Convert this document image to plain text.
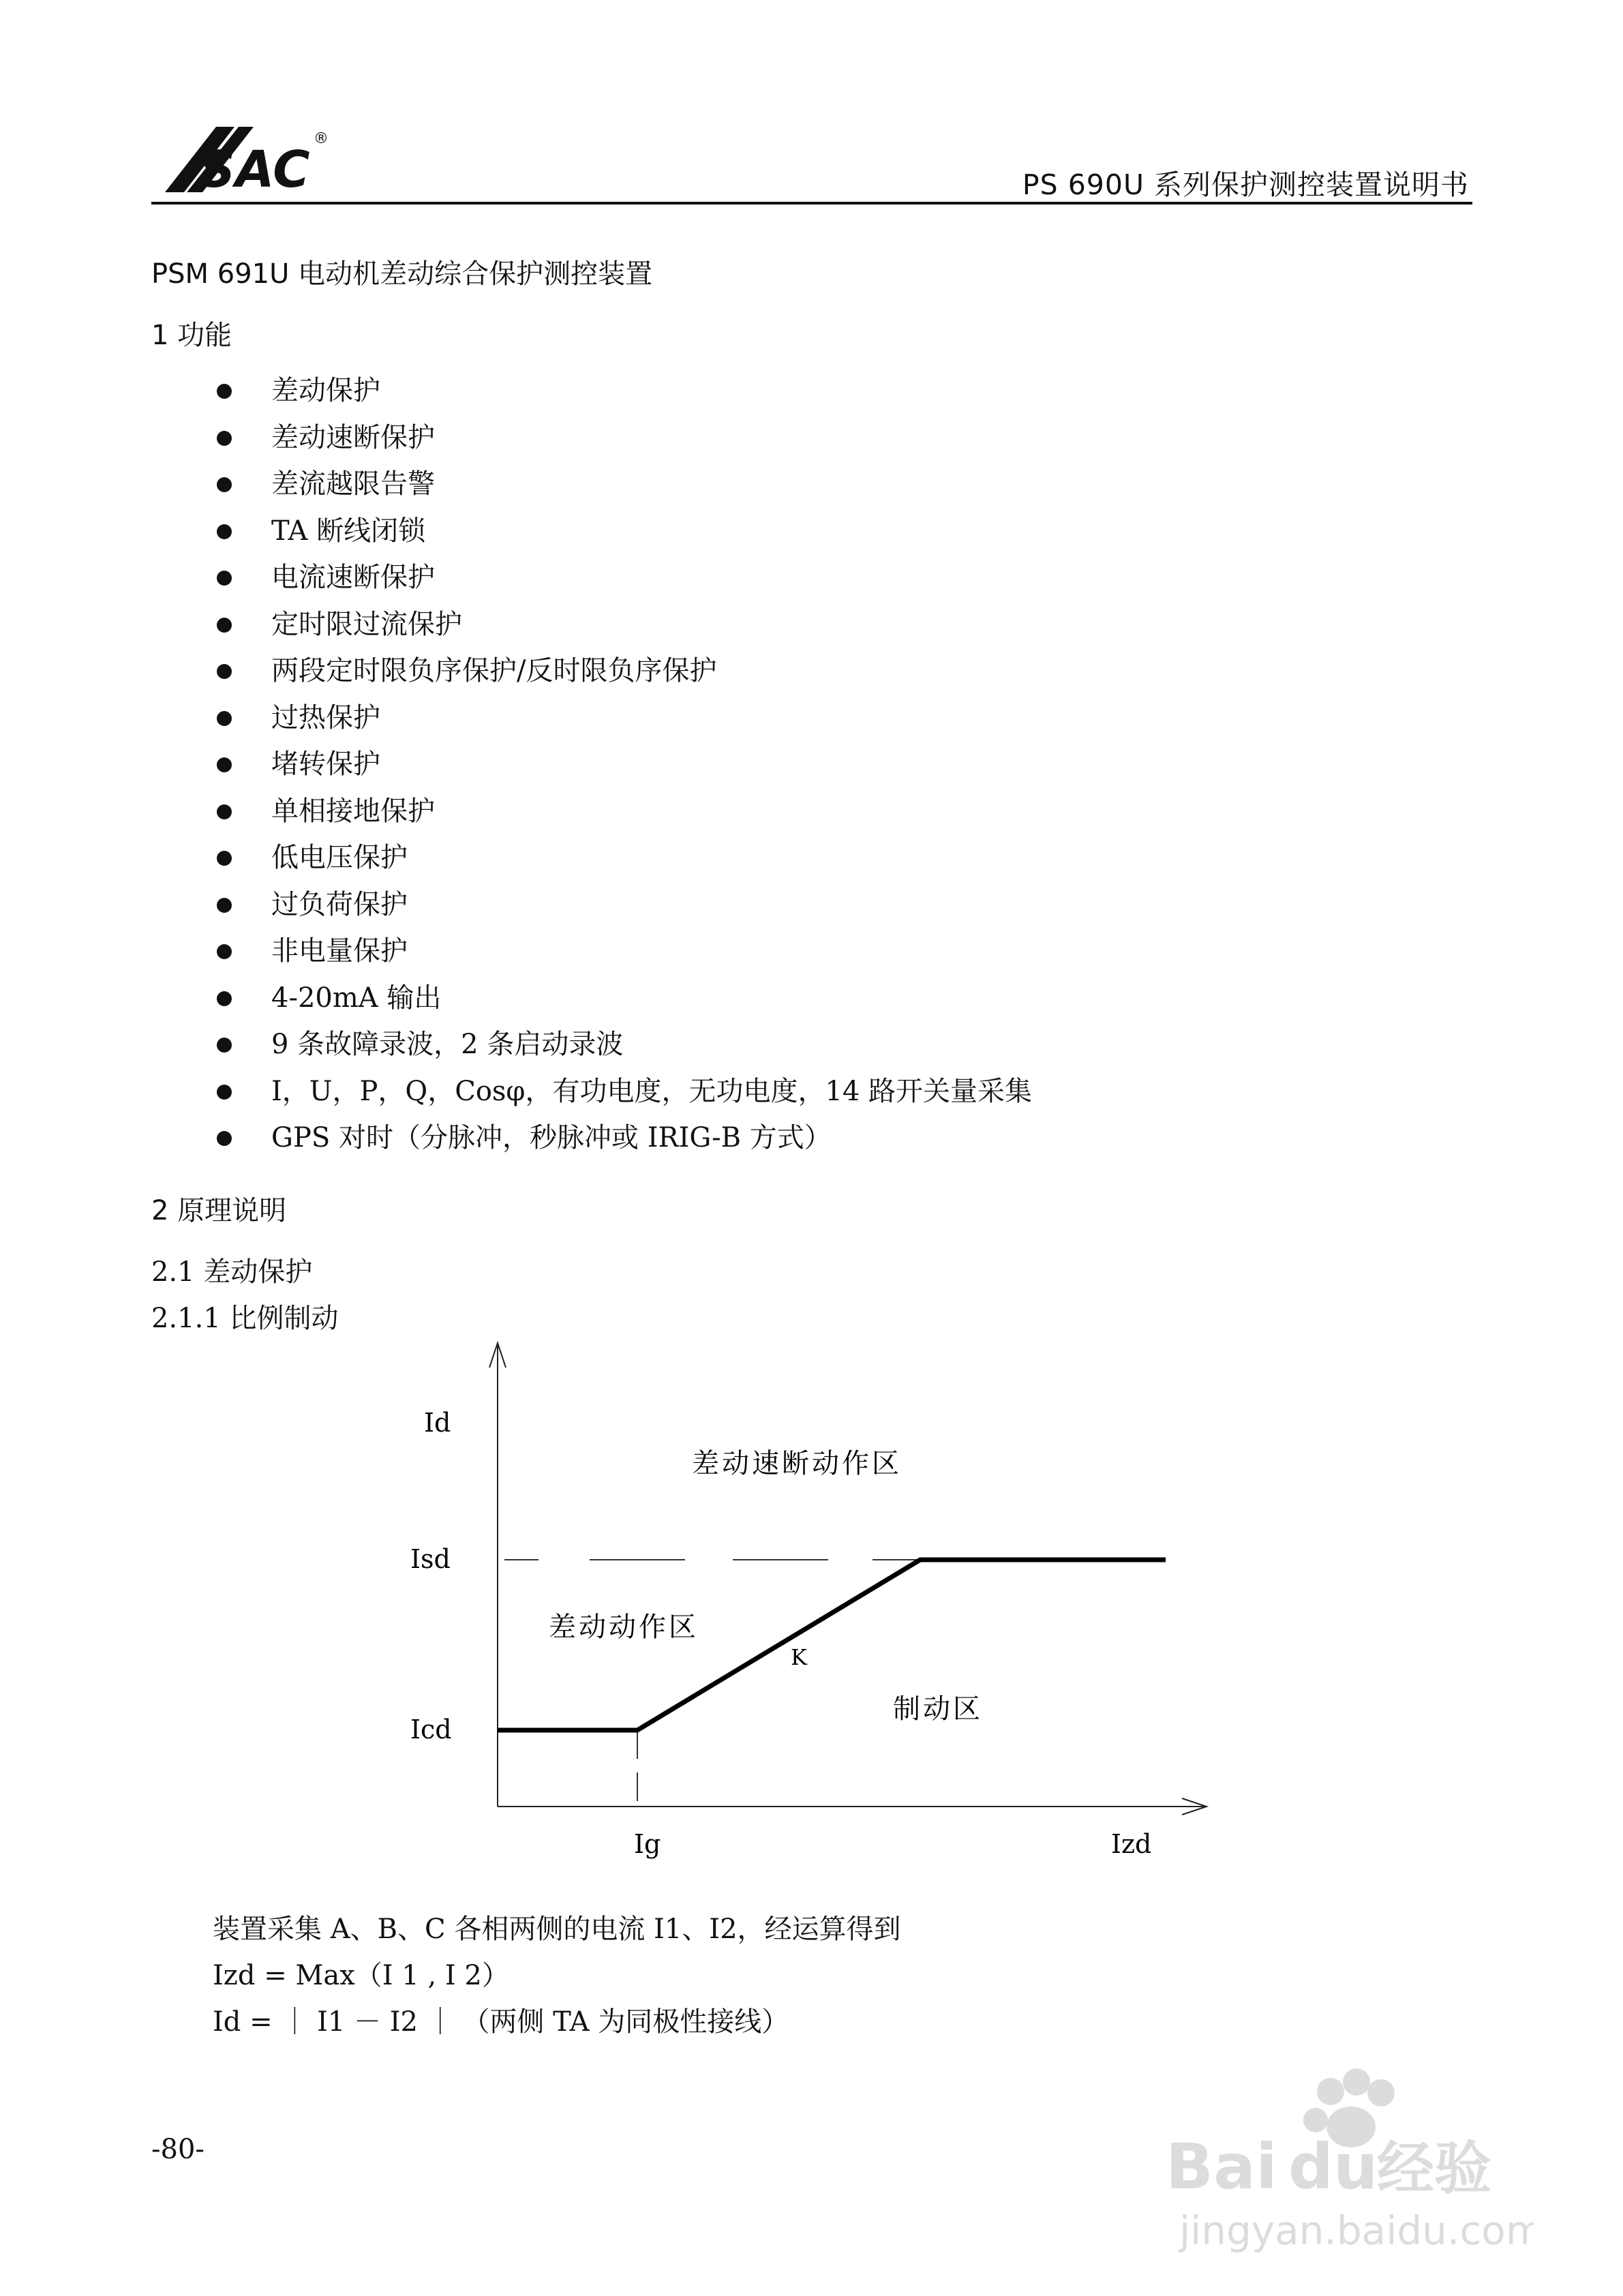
SAC
®
PS 690U 系列保护测控装置说明书
PSM 691U 电动机差动综合保护测控装置
1 功能
差动保护
差动速断保护
差流越限告警
TA 断线闭锁
电流速断保护
定时限过流保护
两段定时限负序保护/反时限负序保护
过热保护
堵转保护
单相接地保护
低电压保护
过负荷保护
非电量保护
4-20mA 输出
9 条故障录波，2 条启动录波
I，U，P，Q，Cosφ，有功电度，无功电度，14 路开关量采集
GPS 对时（分脉冲，秒脉冲或 IRIG-B 方式）
2 原理说明
2.1 差动保护
2.1.1 比例制动
Id
Izd
Isd
Icd
Ig
差动速断动作区
差动动作区
制动区
K
装置采集 A、B、C 各相两侧的电流 I1、I2，经运算得到
Izd = Max（I 1 , I 2）
Id = ｜ I1 － I2 ｜ （两侧 TA 为同极性接线）
-80-	Bai du
经验
jingyan.baidu.com
